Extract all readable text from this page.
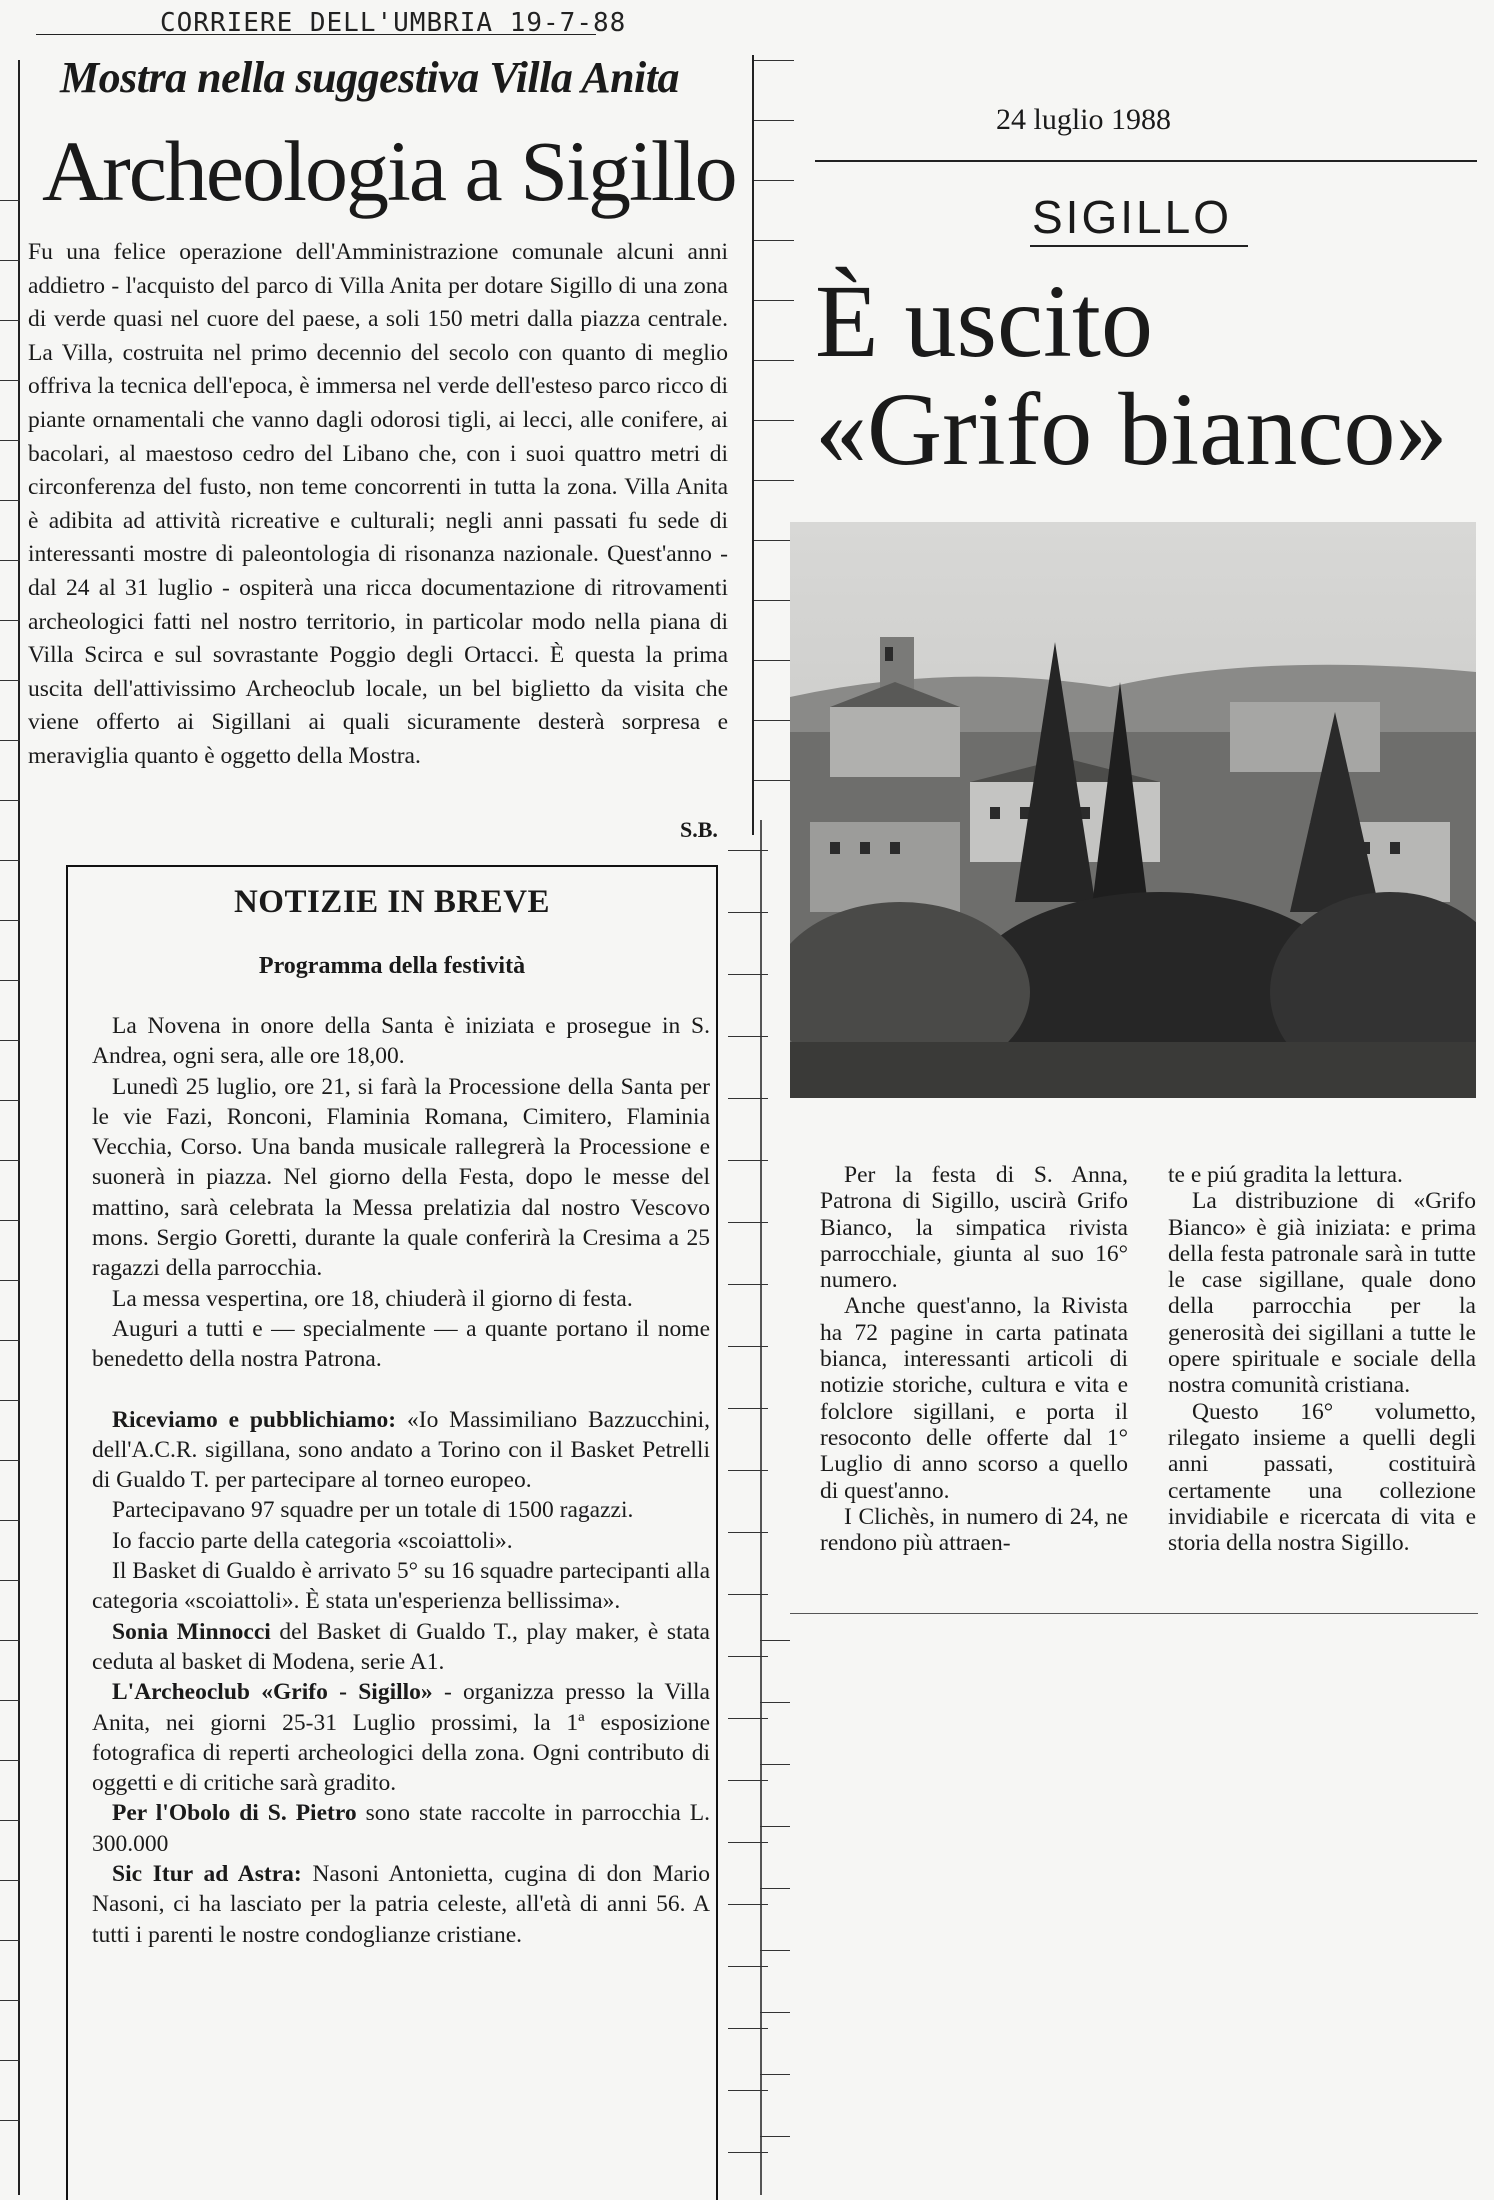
CORRIERE DELL'UMBRIA 19-7-88
Mostra nella suggestiva Villa Anita
Archeologia a Sigillo

Fu una felice operazione dell'Amministrazione comunale alcuni anni addietro - l'acquisto del parco di Villa Anita per dotare Sigillo di una zona di verde quasi nel cuore del paese, a soli 150 metri dalla piazza centrale. La Villa, costruita nel primo decennio del secolo con quanto di meglio offriva la tecnica dell'epoca, è immersa nel verde dell'esteso parco ricco di piante ornamentali che vanno dagli odorosi tigli, ai lecci, alle conifere, ai bacolari, al maestoso cedro del Libano che, con i suoi quattro metri di circonferenza del fusto, non teme concorrenti in tutta la zona. Villa Anita è adibita ad attività ricreative e culturali; negli anni passati fu sede di interessanti mostre di paleontologia di risonanza nazionale. Quest'anno - dal 24 al 31 luglio - ospiterà una ricca documentazione di ritrovamenti archeologici fatti nel nostro territorio, in particolar modo nella piana di Villa Scirca e sul sovrastante Poggio degli Ortacci. È questa la prima uscita dell'attivissimo Archeoclub locale, un bel biglietto da visita che viene offerto ai Sigillani ai quali sicuramente desterà sorpresa e meraviglia quanto è oggetto della Mostra.

S.B.
NOTIZIE IN BREVE
Programma della festività

La Novena in onore della Santa è iniziata e prosegue in S. Andrea, ogni sera, alle ore 18,00.

Lunedì 25 luglio, ore 21, si farà la Processione della Santa per le vie Fazi, Ronconi, Flaminia Romana, Cimitero, Flaminia Vecchia, Corso. Una banda musicale rallegrerà la Processione e suonerà in piazza. Nel giorno della Festa, dopo le messe del mattino, sarà celebrata la Messa prelatizia dal nostro Vescovo mons. Sergio Goretti, durante la quale conferirà la Cresima a 25 ragazzi della parrocchia.

La messa vespertina, ore 18, chiuderà il giorno di festa.

Auguri a tutti e — specialmente — a quante portano il nome benedetto della nostra Patrona.

Riceviamo e pubblichiamo: «Io Massimiliano Bazzucchini, dell'A.C.R. sigillana, sono andato a Torino con il Basket Petrelli di Gualdo T. per partecipare al torneo europeo.

Partecipavano 97 squadre per un totale di 1500 ragazzi.

Io faccio parte della categoria «scoiattoli».

Il Basket di Gualdo è arrivato 5° su 16 squadre partecipanti alla categoria «scoiattoli». È stata un'esperienza bellissima».

Sonia Minnocci del Basket di Gualdo T., play maker, è stata ceduta al basket di Modena, serie A1.

L'Archeoclub «Grifo - Sigillo» - organizza presso la Villa Anita, nei giorni 25-31 Luglio prossimi, la 1ª esposizione fotografica di reperti archeologici della zona. Ogni contributo di oggetti e di critiche sarà gradito.

Per l'Obolo di S. Pietro sono state raccolte in parrocchia L. 300.000

Sic Itur ad Astra: Nasoni Antonietta, cugina di don Mario Nasoni, ci ha lasciato per la patria celeste, all'età di anni 56. A tutti i parenti le nostre condoglianze cristiane.

24 luglio 1988
SIGILLO
È uscito
«Grifo bianco»

Per la festa di S. Anna, Patrona di Sigillo, uscirà Grifo Bianco, la simpatica rivista parrocchiale, giunta al suo 16° numero.

Anche quest'anno, la Rivista ha 72 pagine in carta patinata bianca, interessanti articoli di notizie storiche, cultura e vita e folclore sigillani, e porta il resoconto delle offerte dal 1° Luglio di anno scorso a quello di quest'anno.

I Clichès, in numero di 24, ne rendono più attraen-

te e piú gradita la lettura.

La distribuzione di «Grifo Bianco» è già iniziata: e prima della festa patronale sarà in tutte le case sigillane, quale dono della parrocchia per la generosità dei sigillani a tutte le opere spirituale e sociale della nostra comunità cristiana.

Questo 16° volumetto, rilegato insieme a quelli degli anni passati, costituirà certamente una collezione invidiabile e ricercata di vita e storia della nostra Sigillo.
